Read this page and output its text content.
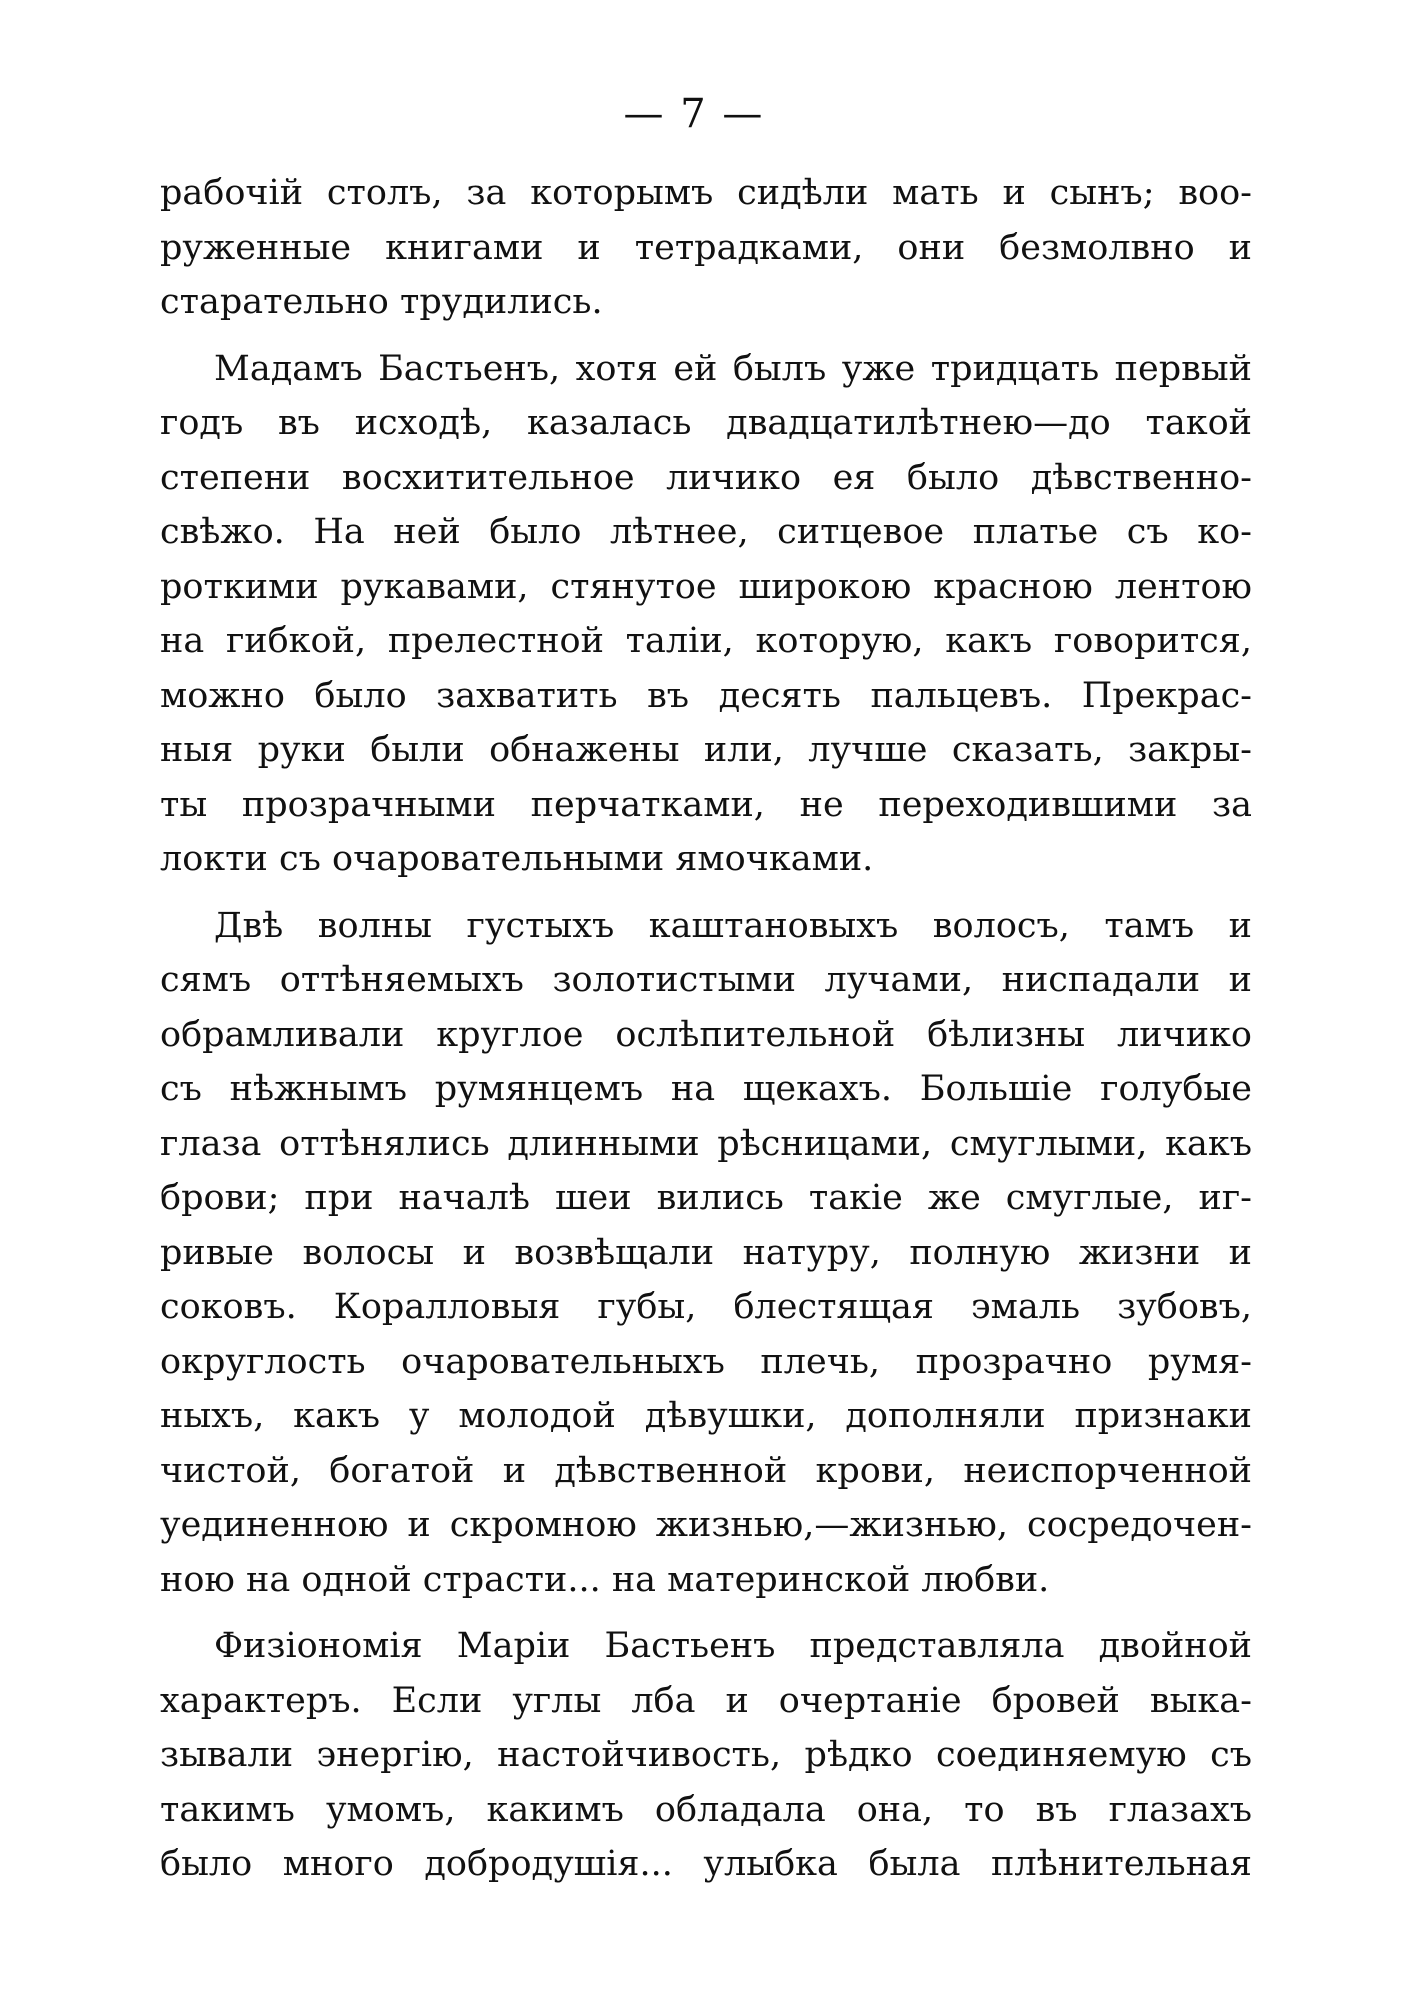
— 7 —
рабочій столъ, за которымъ сидѣли мать и сынъ; воо-
руженные книгами и тетрадками, они безмолвно и
старательно трудились.
Мадамъ Бастьенъ, хотя ей былъ уже тридцать первый
годъ въ исходѣ, казалась двадцатилѣтнею—до такой
степени восхитительное личико ея было дѣвственно-
свѣжо. На ней было лѣтнее, ситцевое платье съ ко-
роткими рукавами, стянутое широкою красною лентою
на гибкой, прелестной таліи, которую, какъ говорится,
можно было захватить въ десять пальцевъ. Прекрас-
ныя руки были обнажены или, лучше сказать, закры-
ты прозрачными перчатками, не переходившими за
локти съ очаровательными ямочками.
Двѣ волны густыхъ каштановыхъ волосъ, тамъ и
сямъ оттѣняемыхъ золотистыми лучами, ниспадали и
обрамливали круглое ослѣпительной бѣлизны личико
съ нѣжнымъ румянцемъ на щекахъ. Большіе голубые
глаза оттѣнялись длинными рѣсницами, смуглыми, какъ
брови; при началѣ шеи вились такіе же смуглые, иг-
ривые волосы и возвѣщали натуру, полную жизни и
соковъ. Коралловыя губы, блестящая эмаль зубовъ,
округлость очаровательныхъ плечь, прозрачно румя-
ныхъ, какъ у молодой дѣвушки, дополняли признаки
чистой, богатой и дѣвственной крови, неиспорченной
уединенною и скромною жизнью,—жизнью, сосредочен-
ною на одной страсти... на материнской любви.
Физіономія Маріи Бастьенъ представляла двойной
характеръ. Если углы лба и очертаніе бровей выка-
зывали энергію, настойчивость, рѣдко соединяемую съ
такимъ умомъ, какимъ обладала она, то въ глазахъ
было много добродушія... улыбка была плѣнительная
